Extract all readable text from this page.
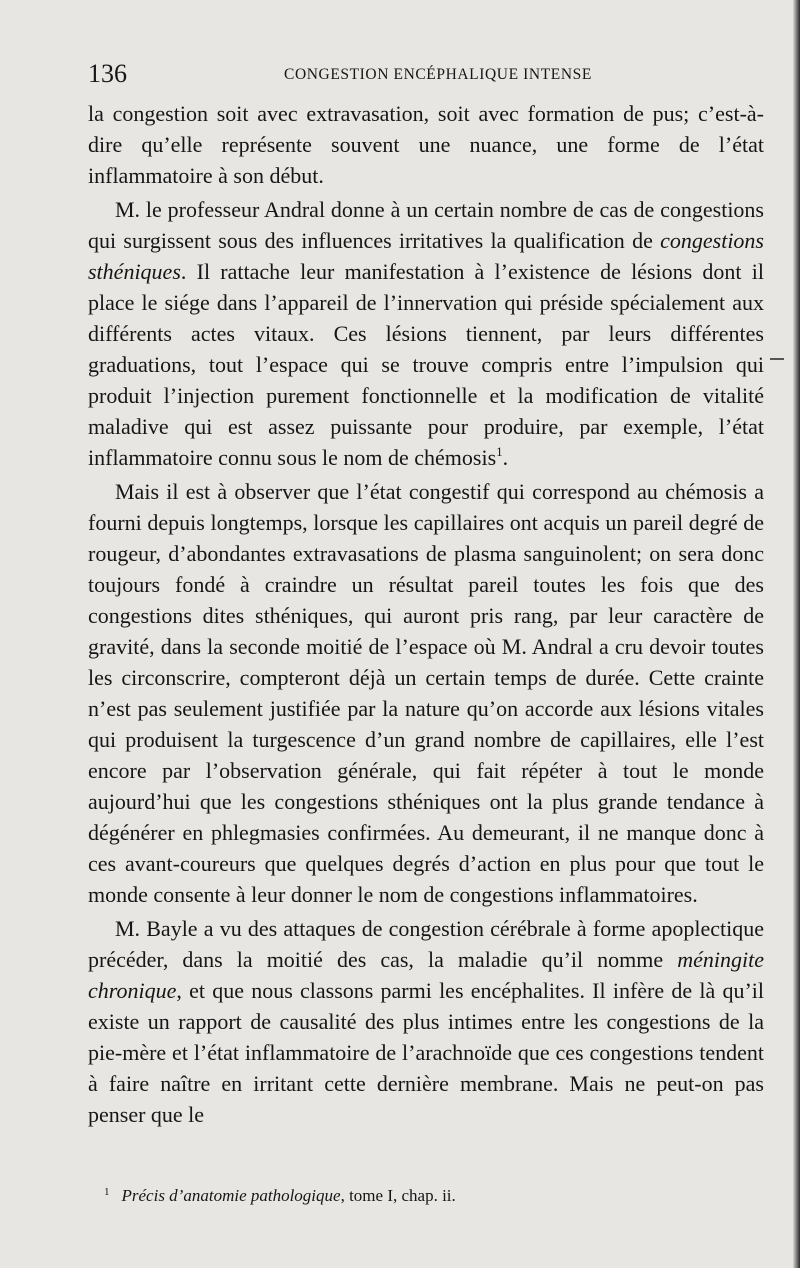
136	CONGESTION ENCÉPHALIQUE INTENSE

la congestion soit avec extravasation, soit avec formation de pus; c’est-à-dire qu’elle représente souvent une nuance, une forme de l’état inflammatoire à son début.

M. le professeur Andral donne à un certain nombre de cas de congestions qui surgissent sous des influences irritatives la qualification de congestions sthéniques. Il rattache leur manifestation à l’existence de lésions dont il place le siége dans l’appareil de l’innervation qui préside spécialement aux différents actes vitaux. Ces lésions tiennent, par leurs différentes graduations, tout l’espace qui se trouve compris entre l’impulsion qui produit l’injection purement fonctionnelle et la modification de vitalité maladive qui est assez puissante pour produire, par exemple, l’état inflammatoire connu sous le nom de chémosis$^1$.

Mais il est à observer que l’état congestif qui correspond au chémosis a fourni depuis longtemps, lorsque les capillaires ont acquis un pareil degré de rougeur, d’abondantes extravasations de plasma sanguinolent; on sera donc toujours fondé à craindre un résultat pareil toutes les fois que des congestions dites sthéniques, qui auront pris rang, par leur caractère de gravité, dans la seconde moitié de l’espace où M. Andral a cru devoir toutes les circonscrire, compteront déjà un certain temps de durée. Cette crainte n’est pas seulement justifiée par la nature qu’on accorde aux lésions vitales qui produisent la turgescence d’un grand nombre de capillaires, elle l’est encore par l’observation générale, qui fait répéter à tout le monde aujourd’hui que les congestions sthéniques ont la plus grande tendance à dégénérer en phlegmasies confirmées. Au demeurant, il ne manque donc à ces avant-coureurs que quelques degrés d’action en plus pour que tout le monde consente à leur donner le nom de congestions inflammatoires.

M. Bayle a vu des attaques de congestion cérébrale à forme apoplectique précéder, dans la moitié des cas, la maladie qu’il nomme méningite chronique, et que nous classons parmi les encéphalites. Il infère de là qu’il existe un rapport de causalité des plus intimes entre les congestions de la pie-mère et l’état inflammatoire de l’arachnoïde que ces congestions tendent à faire naître en irritant cette dernière membrane. Mais ne peut-on pas penser que le

$^1$ Précis d’anatomie pathologique, tome I, chap. ii.
